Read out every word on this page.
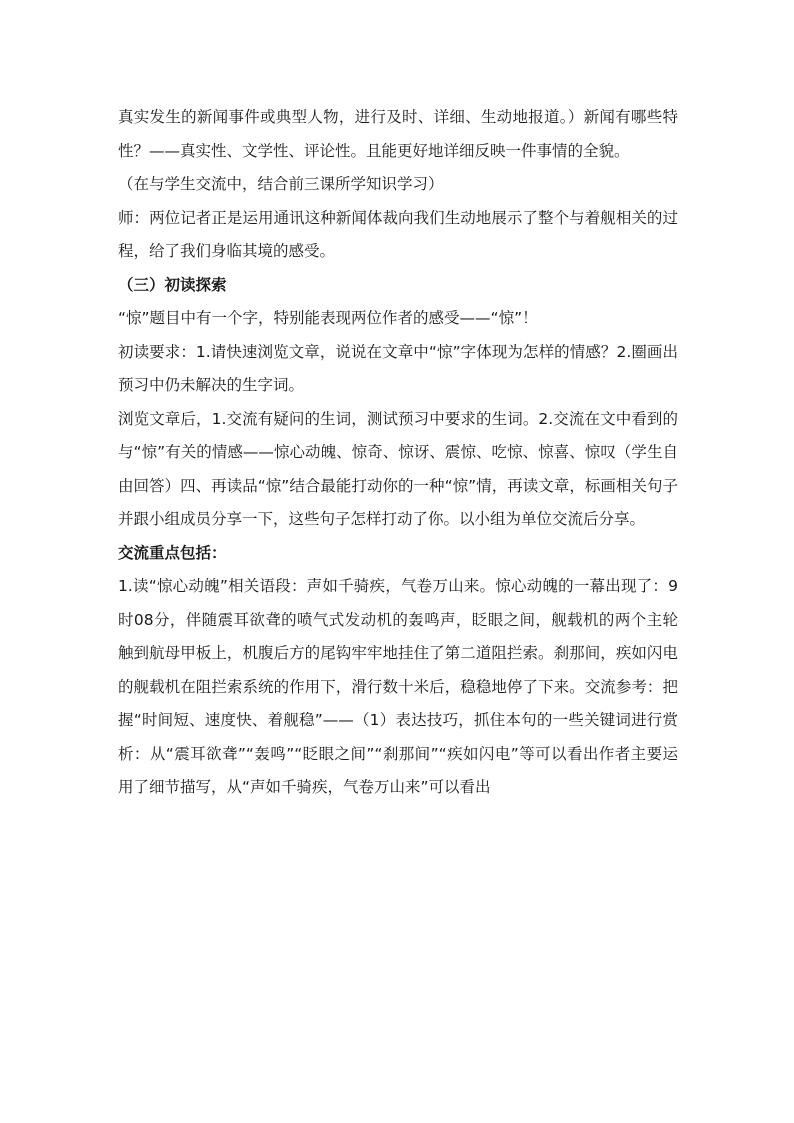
真实发生的新闻事件或典型人物，进行及时、详细、生动地报道。）新闻有哪些特性？——真实性、文学性、评论性。且能更好地详细反映一件事情的全貌。

（在与学生交流中，结合前三课所学知识学习）

师：两位记者正是运用通讯这种新闻体裁向我们生动地展示了整个与着舰相关的过程，给了我们身临其境的感受。

（三）初读探索

“惊”题目中有一个字，特别能表现两位作者的感受——“惊”！

初读要求：1.请快速浏览文章，说说在文章中“惊”字体现为怎样的情感？2.圈画出预习中仍未解决的生字词。

浏览文章后，1.交流有疑问的生词，测试预习中要求的生词。2.交流在文中看到的与“惊”有关的情感——惊心动魄、惊奇、惊讶、震惊、吃惊、惊喜、惊叹（学生自由回答）四、再读品“惊”结合最能打动你的一种“惊”情，再读文章，标画相关句子并跟小组成员分享一下，这些句子怎样打动了你。以小组为单位交流后分享。

交流重点包括：

1.读“惊心动魄”相关语段：声如千骑疾，气卷万山来。惊心动魄的一幕出现了：9时08分，伴随震耳欲聋的喷气式发动机的轰鸣声，眨眼之间，舰载机的两个主轮触到航母甲板上，机腹后方的尾钩牢牢地挂住了第二道阻拦索。刹那间，疾如闪电的舰载机在阻拦索系统的作用下，滑行数十米后，稳稳地停了下来。交流参考：把握“时间短、速度快、着舰稳”——（1）表达技巧，抓住本句的一些关键词进行赏析：从“震耳欲聋”“轰鸣”“眨眼之间”“刹那间”“疾如闪电”等可以看出作者主要运用了细节描写，从“声如千骑疾，气卷万山来”可以看出
